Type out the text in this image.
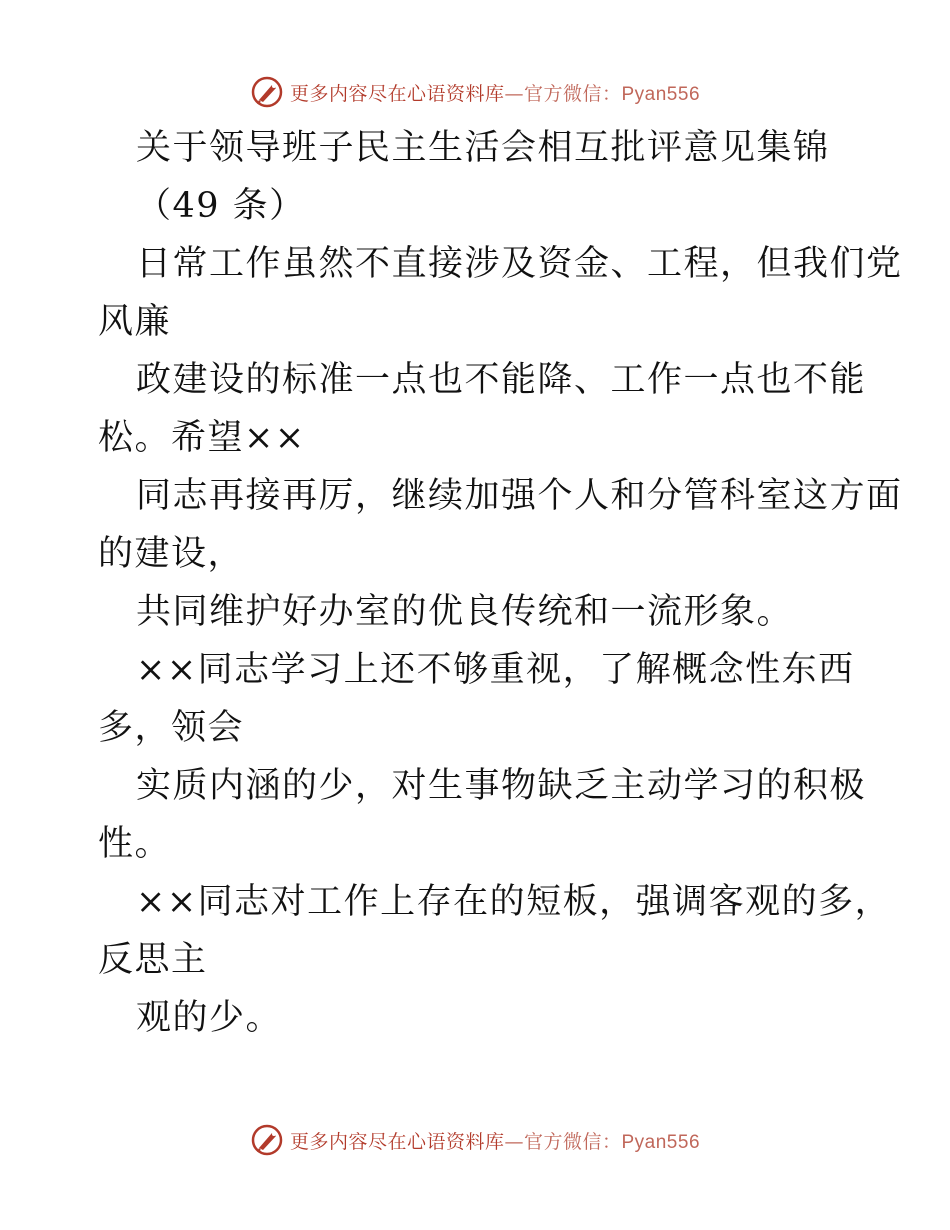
更多内容尽在心语资料库—官方微信：Pyan556
关于领导班子民主生活会相互批评意见集锦
（49 条）
日常工作虽然不直接涉及资金、工程，但我们党
风廉
政建设的标准一点也不能降、工作一点也不能
松。希望××
同志再接再厉，继续加强个人和分管科室这方面
的建设，
共同维护好办室的优良传统和一流形象。
××同志学习上还不够重视，了解概念性东西
多，领会
实质内涵的少，对生事物缺乏主动学习的积极
性。
××同志对工作上存在的短板，强调客观的多，
反思主
观的少。
更多内容尽在心语资料库—官方微信：Pyan556
